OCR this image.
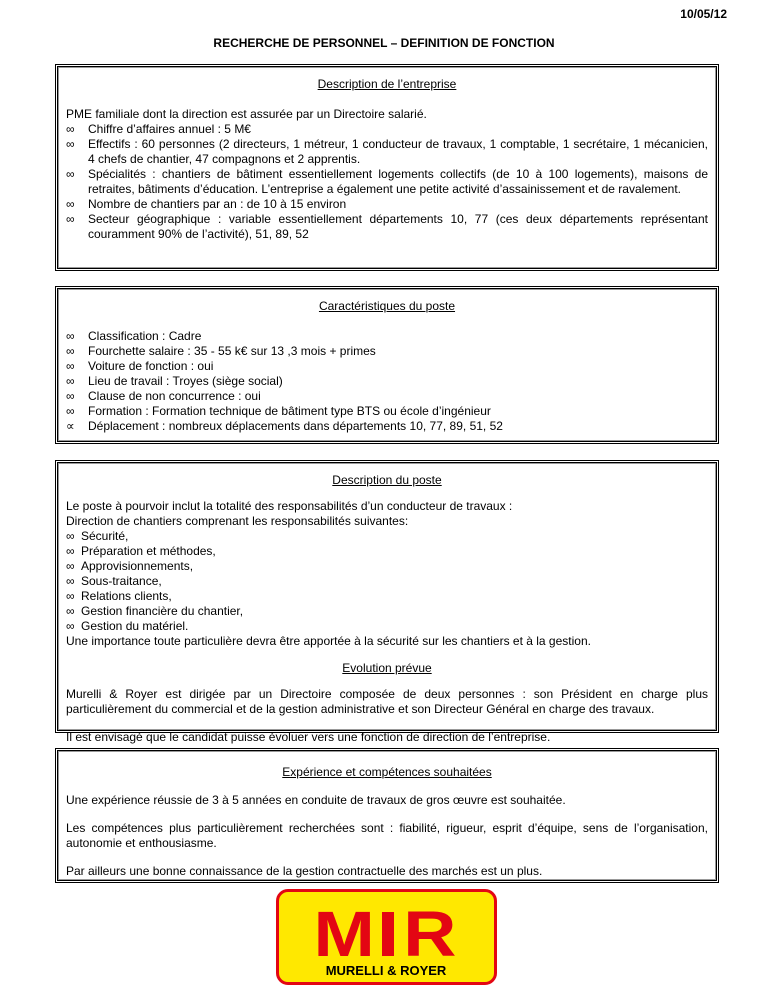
10/05/12
RECHERCHE DE PERSONNEL – DEFINITION DE FONCTION
Description de l’entreprise

PME familiale dont la direction est assurée par un Directoire salarié.

∞ Chiffre d’affaires annuel : 5 M€
∞ Effectifs : 60 personnes (2 directeurs, 1 métreur, 1 conducteur de travaux, 1 comptable, 1 secrétaire, 1 mécanicien, 4 chefs de chantier, 47 compagnons et 2 apprentis.
∞ Spécialités : chantiers de bâtiment essentiellement logements collectifs (de 10 à 100 logements), maisons de retraites, bâtiments d’éducation. L’entreprise a également une petite activité d’assainissement et de ravalement.
∞ Nombre de chantiers par an : de 10 à 15 environ
∞ Secteur géographique : variable essentiellement départements 10, 77 (ces deux départements représentant couramment 90% de l’activité), 51, 89, 52
Caractéristiques du poste
∞ Classification : Cadre
∞ Fourchette salaire : 35 - 55 k€ sur 13 ,3 mois + primes
∞ Voiture de fonction : oui
∞ Lieu de travail : Troyes (siège social)
∞ Clause de non concurrence : oui
∞ Formation : Formation technique de bâtiment type BTS ou école d’ingénieur
∝ Déplacement : nombreux déplacements dans départements 10, 77, 89, 51, 52
Description du poste

Le poste à pourvoir inclut la totalité des responsabilités d’un conducteur de travaux :

Direction de chantiers comprenant les responsabilités suivantes:

∞ Sécurité,
∞ Préparation et méthodes,
∞ Approvisionnements,
∞ Sous-traitance,
∞ Relations clients,
∞ Gestion financière du chantier,
∞ Gestion du matériel.

Une importance toute particulière devra être apportée à la sécurité sur les chantiers et à la gestion.

Evolution prévue

Murelli & Royer est dirigée par un Directoire composée de deux personnes : son Président en charge plus particulièrement du commercial et de la gestion administrative et son Directeur Général en charge des travaux.

Il est envisagé que le candidat puisse évoluer vers une fonction de direction de l’entreprise.

Expérience et compétences souhaitées

Une expérience réussie de 3 à 5 années en conduite de travaux de gros œuvre est souhaitée.

Les compétences plus particulièrement recherchées sont : fiabilité, rigueur, esprit d’équipe, sens de l’organisation, autonomie et enthousiasme.

Par ailleurs une bonne connaissance de la gestion contractuelle des marchés est un plus.

M R
MURELLI & ROYER
